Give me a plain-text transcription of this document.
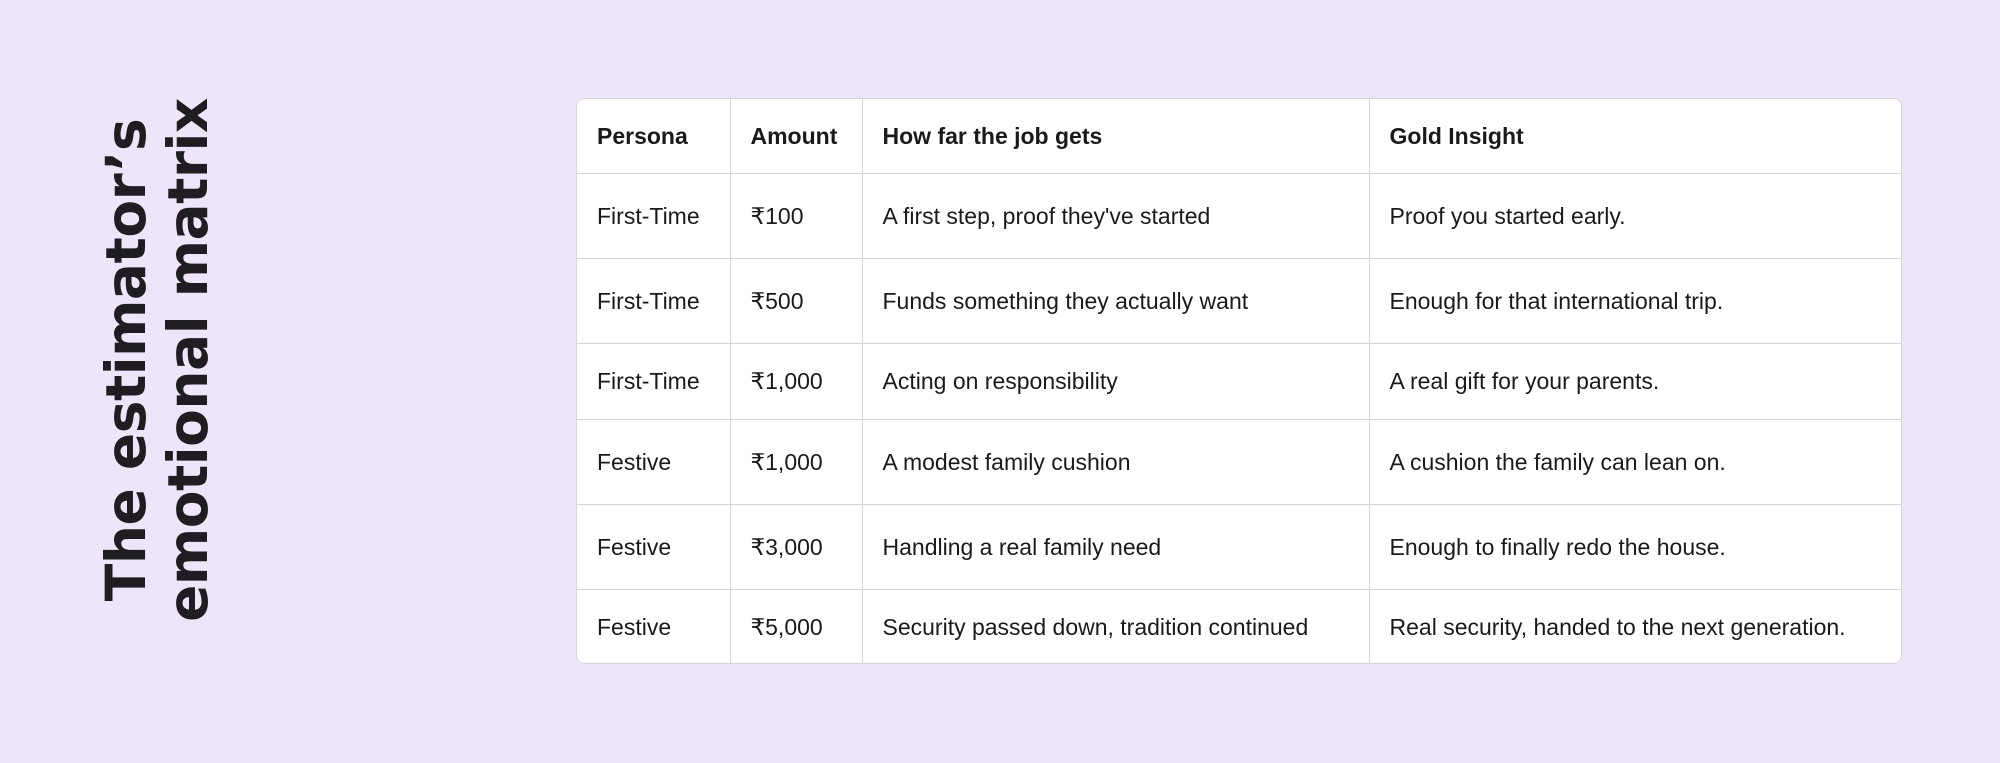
The estimator’s
emotional matrix	Persona	Amount	How far the job gets	Gold Insight
First-Time	₹100	A first step, proof they've started	Proof you started early.
First-Time	₹500	Funds something they actually want	Enough for that international trip.
First-Time	₹1,000	Acting on responsibility	A real gift for your parents.
Festive	₹1,000	A modest family cushion	A cushion the family can lean on.
Festive	₹3,000	Handling a real family need	Enough to finally redo the house.
Festive	₹5,000	Security passed down, tradition continued	Real security, handed to the next generation.
